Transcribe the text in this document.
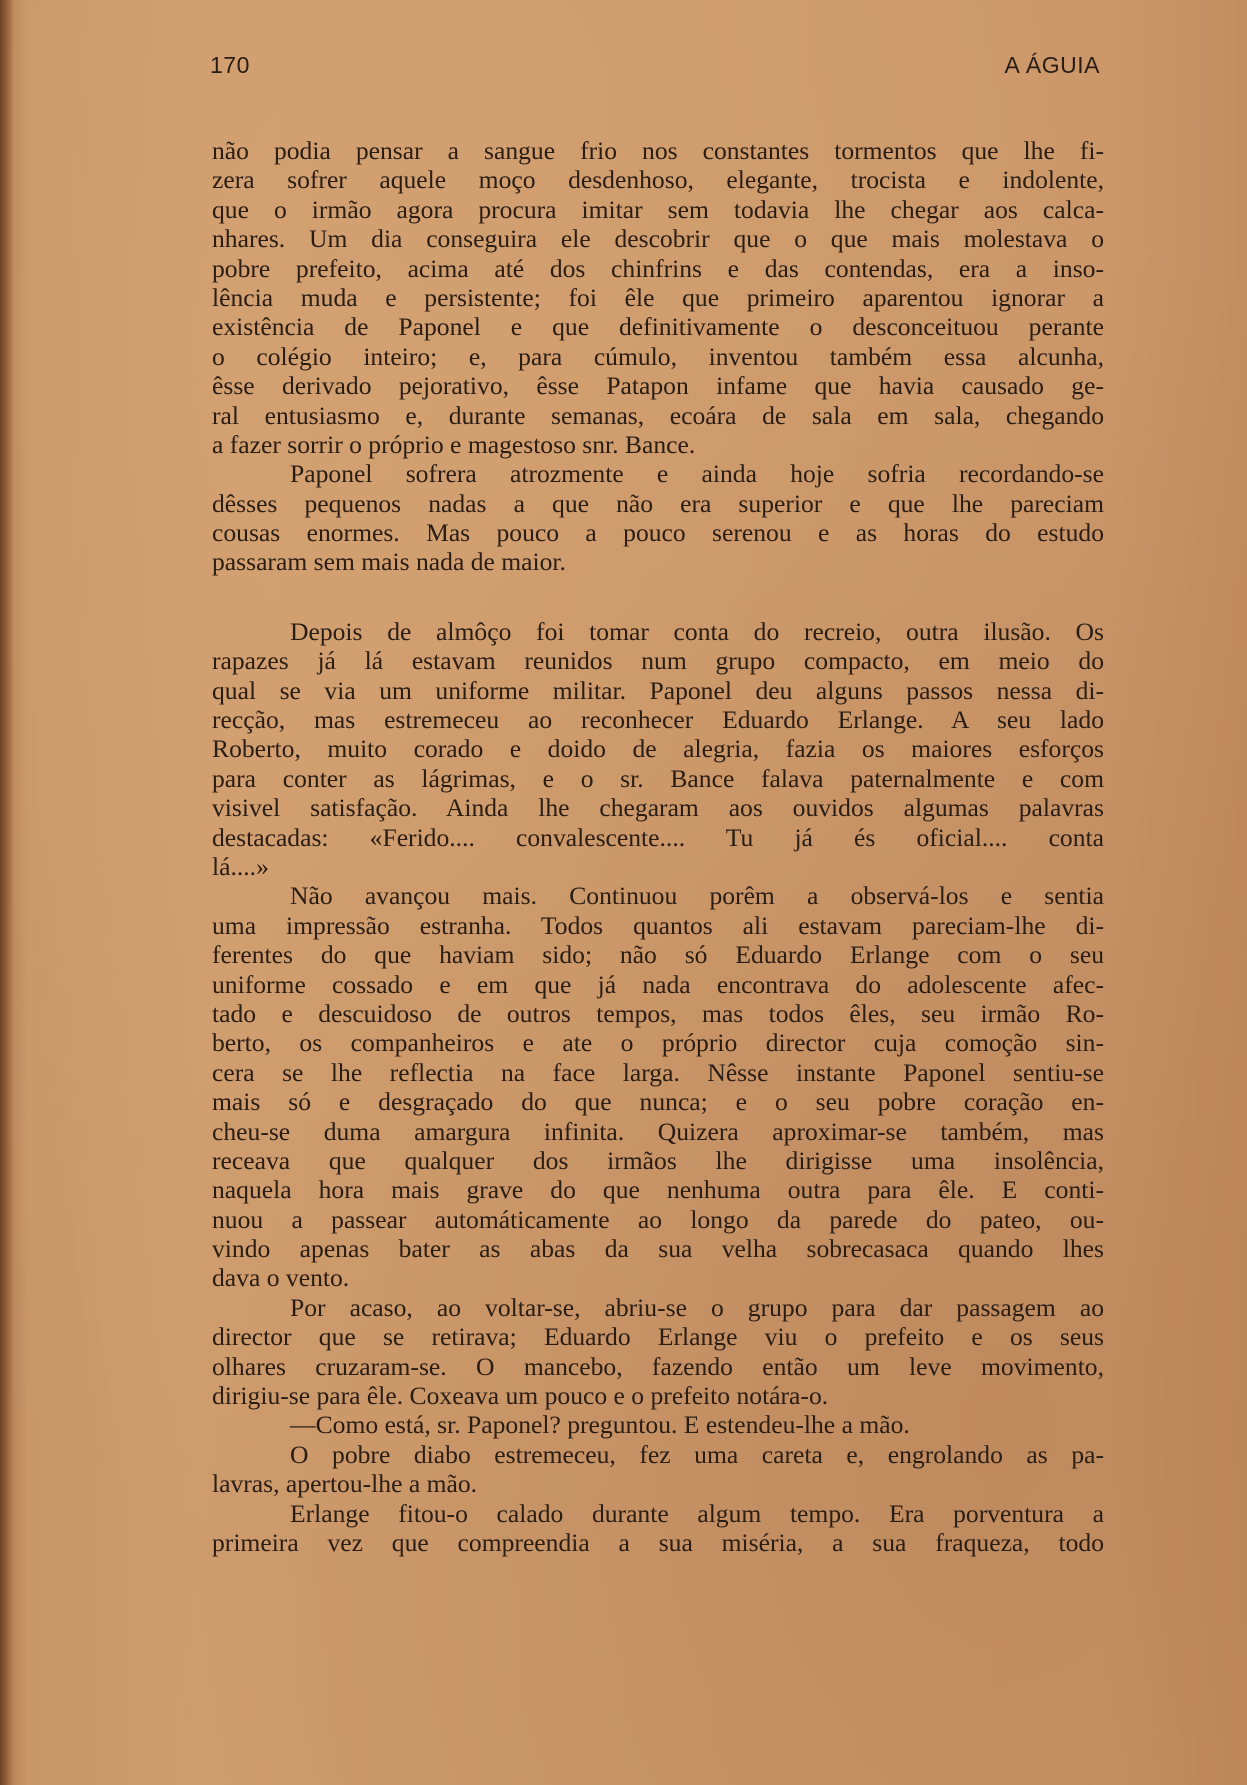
170	A ÁGUIA
não podia pensar a sangue frio nos constantes tormentos que lhe fi-
zera sofrer aquele moço desdenhoso, elegante, trocista e indolente,
que o irmão agora procura imitar sem todavia lhe chegar aos calca-
nhares. Um dia conseguira ele descobrir que o que mais molestava o
pobre prefeito, acima até dos chinfrins e das contendas, era a inso-
lência muda e persistente; foi êle que primeiro aparentou ignorar a
existência de Paponel e que definitivamente o desconceituou perante
o colégio inteiro; e, para cúmulo, inventou também essa alcunha,
êsse derivado pejorativo, êsse Patapon infame que havia causado ge-
ral entusiasmo e, durante semanas, ecoára de sala em sala, chegando
a fazer sorrir o próprio e magestoso snr. Bance.
Paponel sofrera atrozmente e ainda hoje sofria recordando-se
dêsses pequenos nadas a que não era superior e que lhe pareciam
cousas enormes. Mas pouco a pouco serenou e as horas do estudo
passaram sem mais nada de maior.
Depois de almôço foi tomar conta do recreio, outra ilusão. Os
rapazes já lá estavam reunidos num grupo compacto, em meio do
qual se via um uniforme militar. Paponel deu alguns passos nessa di-
recção, mas estremeceu ao reconhecer Eduardo Erlange. A seu lado
Roberto, muito corado e doido de alegria, fazia os maiores esforços
para conter as lágrimas, e o sr. Bance falava paternalmente e com
visivel satisfação. Ainda lhe chegaram aos ouvidos algumas palavras
destacadas: «Ferido.... convalescente.... Tu já és oficial.... conta
lá....»
Não avançou mais. Continuou porêm a observá-los e sentia
uma impressão estranha. Todos quantos ali estavam pareciam-lhe di-
ferentes do que haviam sido; não só Eduardo Erlange com o seu
uniforme cossado e em que já nada encontrava do adolescente afec-
tado e descuidoso de outros tempos, mas todos êles, seu irmão Ro-
berto, os companheiros e ate o próprio director cuja comoção sin-
cera se lhe reflectia na face larga. Nêsse instante Paponel sentiu-se
mais só e desgraçado do que nunca; e o seu pobre coração en-
cheu-se duma amargura infinita. Quizera aproximar-se também, mas
receava que qualquer dos irmãos lhe dirigisse uma insolência,
naquela hora mais grave do que nenhuma outra para êle. E conti-
nuou a passear automáticamente ao longo da parede do pateo, ou-
vindo apenas bater as abas da sua velha sobrecasaca quando lhes
dava o vento.
Por acaso, ao voltar-se, abriu-se o grupo para dar passagem ao
director que se retirava; Eduardo Erlange viu o prefeito e os seus
olhares cruzaram-se. O mancebo, fazendo então um leve movimento,
dirigiu-se para êle. Coxeava um pouco e o prefeito notára-o.
—Como está, sr. Paponel? preguntou. E estendeu-lhe a mão.
O pobre diabo estremeceu, fez uma careta e, engrolando as pa-
lavras, apertou-lhe a mão.
Erlange fitou-o calado durante algum tempo. Era porventura a
primeira vez que compreendia a sua miséria, a sua fraqueza, todo
